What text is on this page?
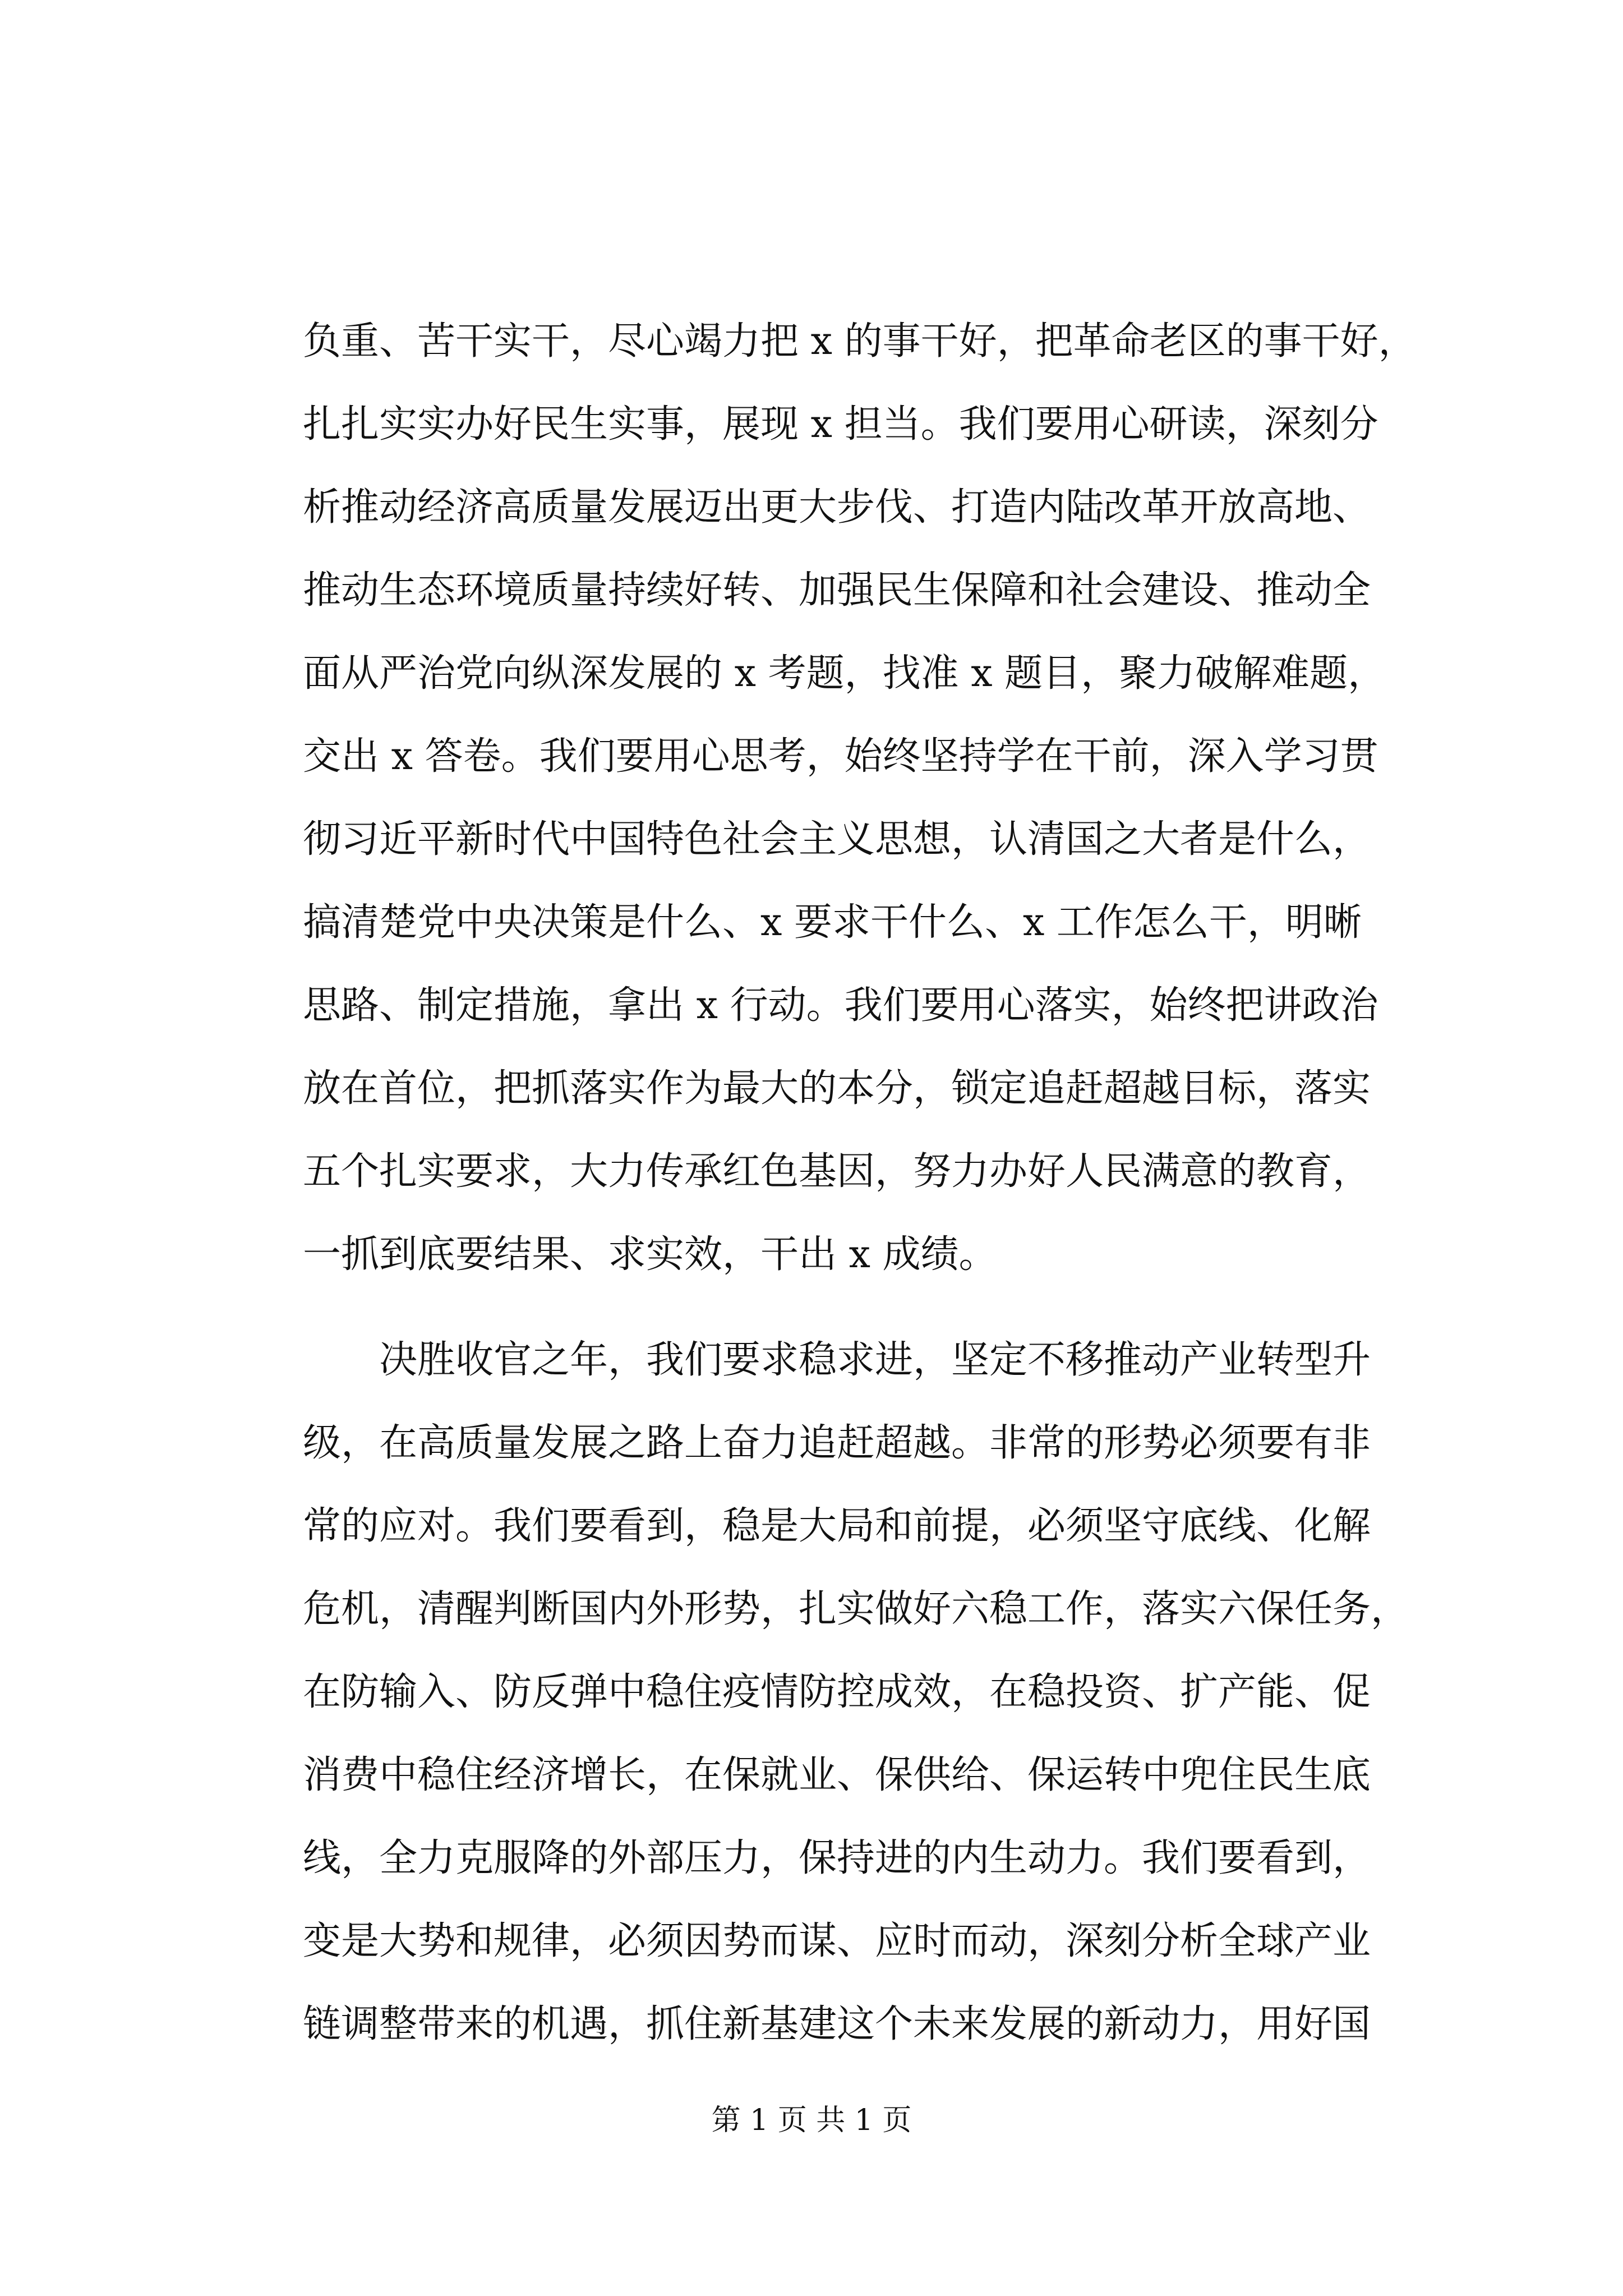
负重、苦干实干，尽心竭力把 x 的事干好，把革命老区的事干好，
扎扎实实办好民生实事，展现 x 担当。我们要用心研读，深刻分
析推动经济高质量发展迈出更大步伐、打造内陆改革开放高地、
推动生态环境质量持续好转、加强民生保障和社会建设、推动全
面从严治党向纵深发展的 x 考题，找准 x 题目，聚力破解难题，
交出 x 答卷。我们要用心思考，始终坚持学在干前，深入学习贯
彻习近平新时代中国特色社会主义思想，认清国之大者是什么，
搞清楚党中央决策是什么、x 要求干什么、x 工作怎么干，明晰
思路、制定措施，拿出 x 行动。我们要用心落实，始终把讲政治
放在首位，把抓落实作为最大的本分，锁定追赶超越目标，落实
五个扎实要求，大力传承红色基因，努力办好人民满意的教育，
一抓到底要结果、求实效，干出 x 成绩。
决胜收官之年，我们要求稳求进，坚定不移推动产业转型升
级，在高质量发展之路上奋力追赶超越。非常的形势必须要有非
常的应对。我们要看到，稳是大局和前提，必须坚守底线、化解
危机，清醒判断国内外形势，扎实做好六稳工作，落实六保任务，
在防输入、防反弹中稳住疫情防控成效，在稳投资、扩产能、促
消费中稳住经济增长，在保就业、保供给、保运转中兜住民生底
线，全力克服降的外部压力，保持进的内生动力。我们要看到，
变是大势和规律，必须因势而谋、应时而动，深刻分析全球产业
链调整带来的机遇，抓住新基建这个未来发展的新动力，用好国
第 1 页 共 1 页
